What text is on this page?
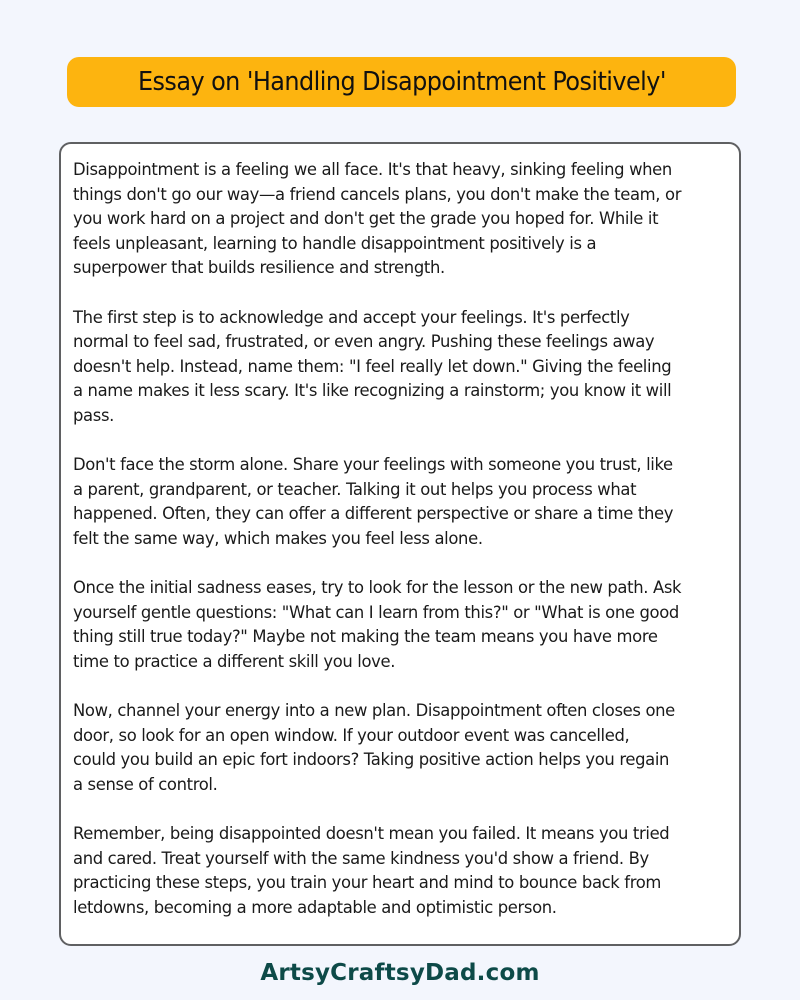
Essay on 'Handling Disappointment Positively'

Disappointment is a feeling we all face. It's that heavy, sinking feeling when
things don't go our way—a friend cancels plans, you don't make the team, or
you work hard on a project and don't get the grade you hoped for. While it
feels unpleasant, learning to handle disappointment positively is a
superpower that builds resilience and strength.

The first step is to acknowledge and accept your feelings. It's perfectly
normal to feel sad, frustrated, or even angry. Pushing these feelings away
doesn't help. Instead, name them: "I feel really let down." Giving the feeling
a name makes it less scary. It's like recognizing a rainstorm; you know it will
pass.

Don't face the storm alone. Share your feelings with someone you trust, like
a parent, grandparent, or teacher. Talking it out helps you process what
happened. Often, they can offer a different perspective or share a time they
felt the same way, which makes you feel less alone.

Once the initial sadness eases, try to look for the lesson or the new path. Ask
yourself gentle questions: "What can I learn from this?" or "What is one good
thing still true today?" Maybe not making the team means you have more
time to practice a different skill you love.

Now, channel your energy into a new plan. Disappointment often closes one
door, so look for an open window. If your outdoor event was cancelled,
could you build an epic fort indoors? Taking positive action helps you regain
a sense of control.

Remember, being disappointed doesn't mean you failed. It means you tried
and cared. Treat yourself with the same kindness you'd show a friend. By
practicing these steps, you train your heart and mind to bounce back from
letdowns, becoming a more adaptable and optimistic person.

ArtsyCraftsyDad.com
